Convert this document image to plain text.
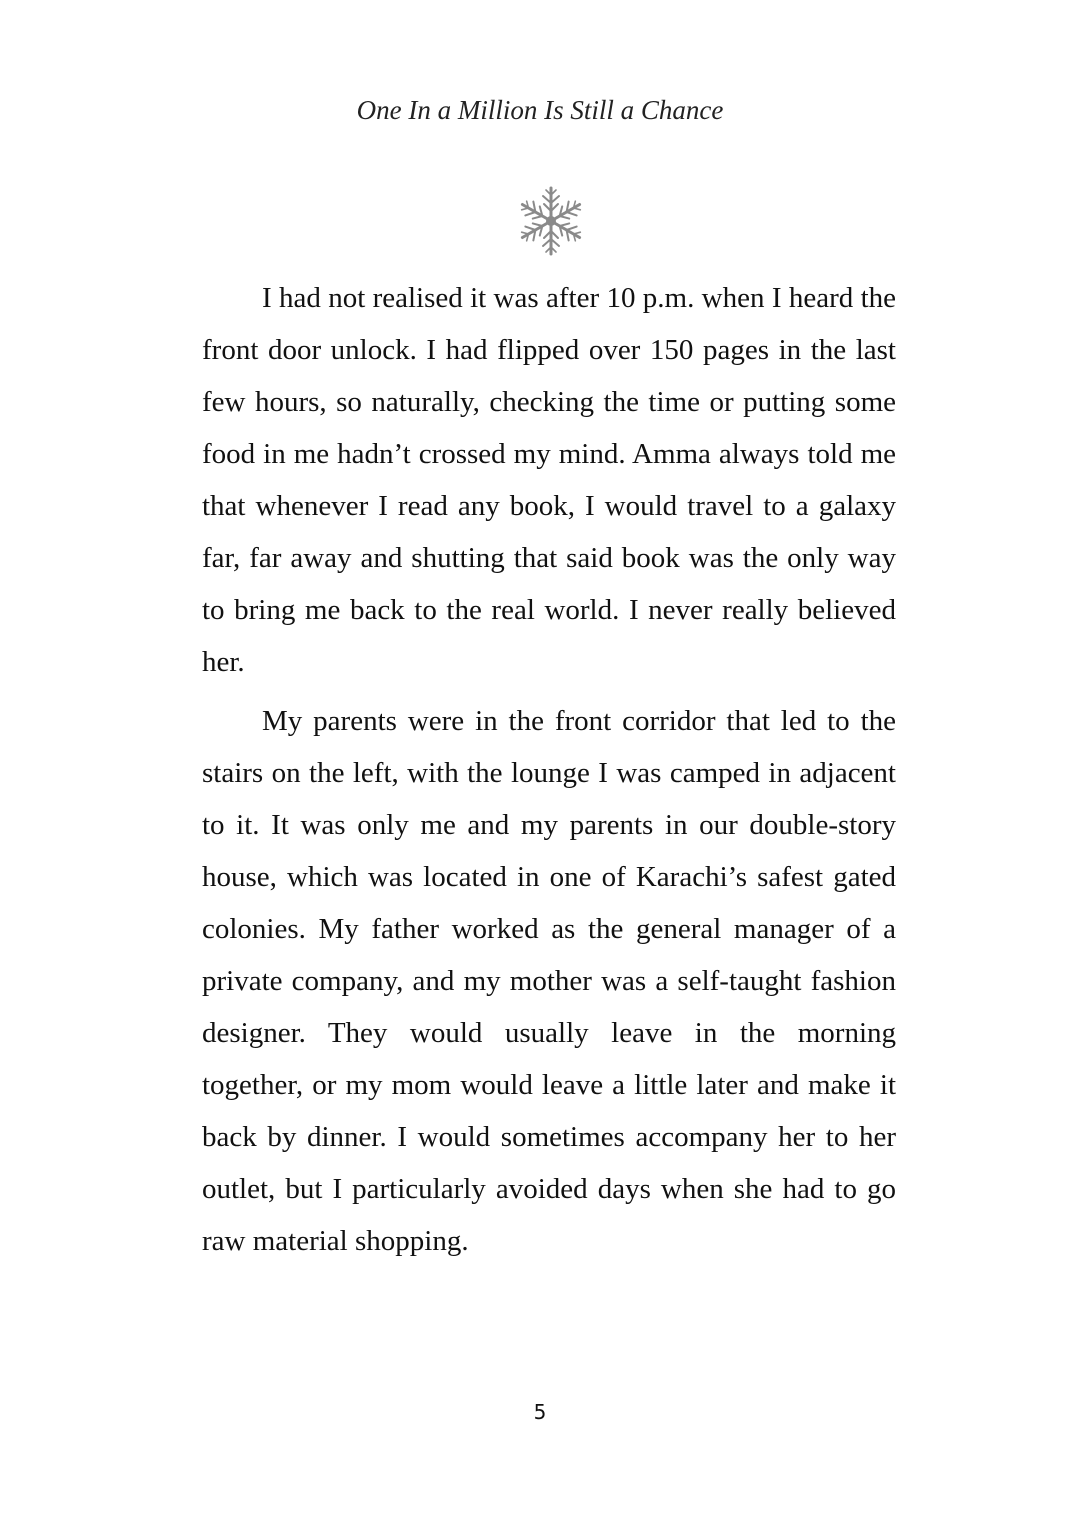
One In a Million Is Still a Chance

I had not realised it was after 10 p.m. when I heard the front door unlock. I had flipped over 150 pages in the last few hours, so naturally, checking the time or putting some food in me hadn’t crossed my mind. Amma always told me that whenever I read any book, I would travel to a galaxy far, far away and shutting that said book was the only way to bring me back to the real world. I never really believed her.

My parents were in the front corridor that led to the stairs on the left, with the lounge I was camped in adjacent to it. It was only me and my parents in our double-story house, which was located in one of Karachi’s safest gated colonies. My father worked as the general manager of a private company, and my mother was a self-taught fashion designer. They would usually leave in the morning together, or my mom would leave a little later and make it back by dinner. I would sometimes accompany her to her outlet, but I particularly avoided days when she had to go raw material shopping.

5
